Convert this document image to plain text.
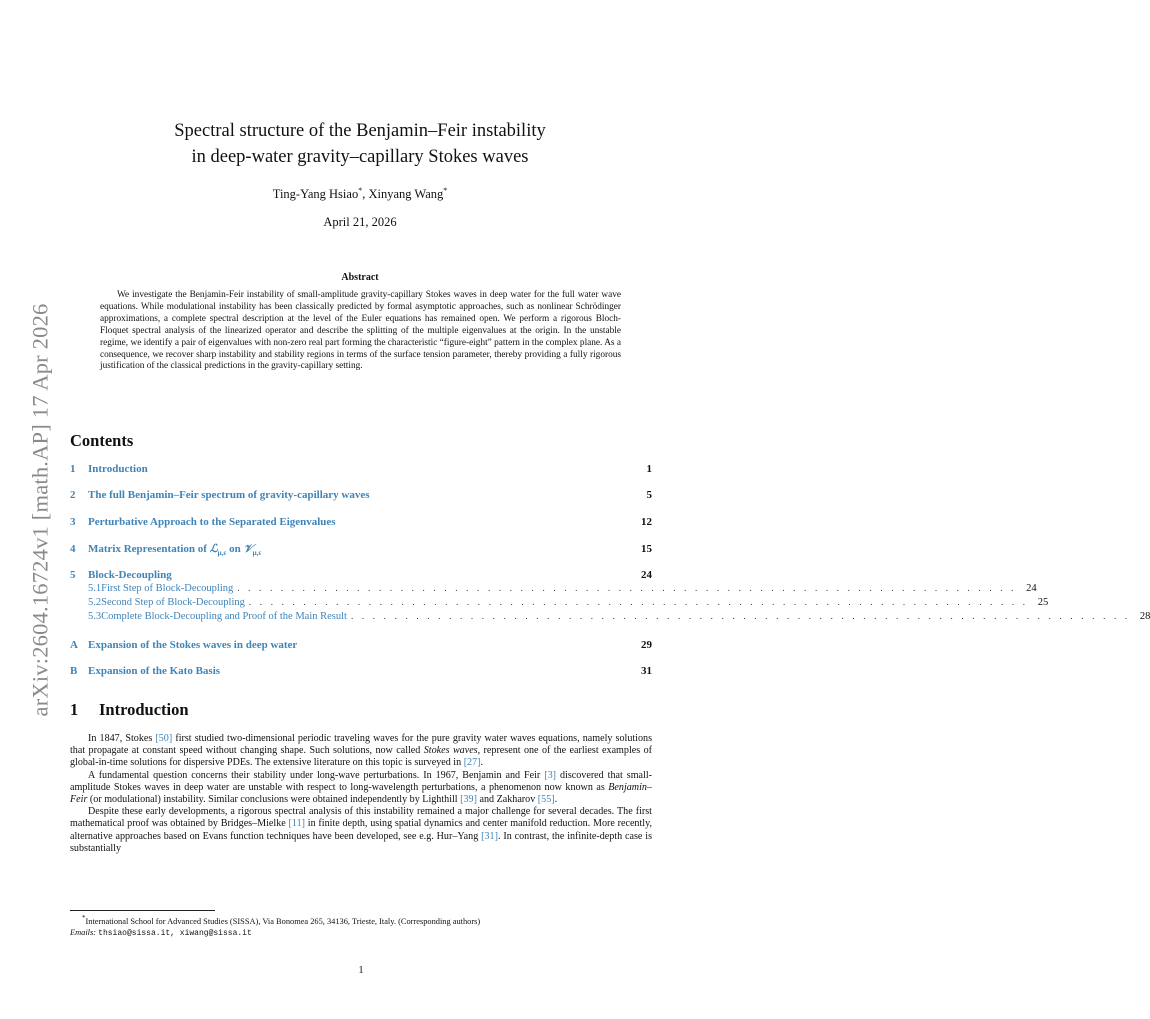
arXiv:2604.16724v1 [math.AP] 17 Apr 2026
Spectral structure of the Benjamin–Feir instability
in deep-water gravity–capillary Stokes waves
Ting-Yang Hsiao*, Xinyang Wang*
April 21, 2026
Abstract
We investigate the Benjamin-Feir instability of small-amplitude gravity-capillary Stokes waves in deep water for the full water wave equations. While modulational instability has been classically predicted by formal asymptotic approaches, such as nonlinear Schrödinger approximations, a complete spectral description at the level of the Euler equations has remained open. We perform a rigorous Bloch-Floquet spectral analysis of the linearized operator and describe the splitting of the multiple eigenvalues at the origin. In the unstable regime, we identify a pair of eigenvalues with non-zero real part forming the characteristic “figure-eight” pattern in the complex plane. As a consequence, we recover sharp instability and stability regions in terms of the surface tension parameter, thereby providing a fully rigorous justification of the classical predictions in the gravity-capillary setting.
Contents
1	Introduction	1
2	The full Benjamin–Feir spectrum of gravity-capillary waves	5
3	Perturbative Approach to the Separated Eigenvalues	12
4	Matrix Representation of ℒ$_{\mu,\varepsilon}$ on 𝒱$_{\mu,\varepsilon}$	15
5	Block-Decoupling	24
5.1 First Step of Block-Decoupling . . . . . . . . . . . . . . . . . . . . . . . . . . . . . . . . . . . . . . . . . . . . . . . . . . . . . . . . . . . . . . . . . . . . . . . . 24
5.2 Second Step of Block-Decoupling . . . . . . . . . . . . . . . . . . . . . . . . . . . . . . . . . . . . . . . . . . . . . . . . . . . . . . . . . . . . . . . . . . . . . . . . 25
5.3 Complete Block-Decoupling and Proof of the Main Result . . . . . . . . . . . . . . . . . . . . . . . . . . . . . . . . . . . . . . . . . . . . . . . . . . . . . . . . . . . . . . . . . . . . . . . . 28
A Expansion of the Stokes waves in deep water	29
B Expansion of the Kato Basis	31
1 Introduction

In 1847, Stokes [50] first studied two-dimensional periodic traveling waves for the pure gravity water waves equations, namely solutions that propagate at constant speed without changing shape. Such solutions, now called Stokes waves, represent one of the earliest examples of global-in-time solutions for dispersive PDEs. The extensive literature on this topic is surveyed in [27].

A fundamental question concerns their stability under long-wave perturbations. In 1967, Benjamin and Feir [3] discovered that small-amplitude Stokes waves in deep water are unstable with respect to long-wavelength perturbations, a phenomenon now known as Benjamin–Feir (or modulational) instability. Similar conclusions were obtained independently by Lighthill [39] and Zakharov [55].

Despite these early developments, a rigorous spectral analysis of this instability remained a major challenge for several decades. The first mathematical proof was obtained by Bridges–Mielke [11] in finite depth, using spatial dynamics and center manifold reduction. More recently, alternative approaches based on Evans function techniques have been developed, see e.g. Hur–Yang [31]. In contrast, the infinite-depth case is substantially

*International School for Advanced Studies (SISSA), Via Bonomea 265, 34136, Trieste, Italy. (Corresponding authors)
Emails: thsiao@sissa.it, xiwang@sissa.it
1
